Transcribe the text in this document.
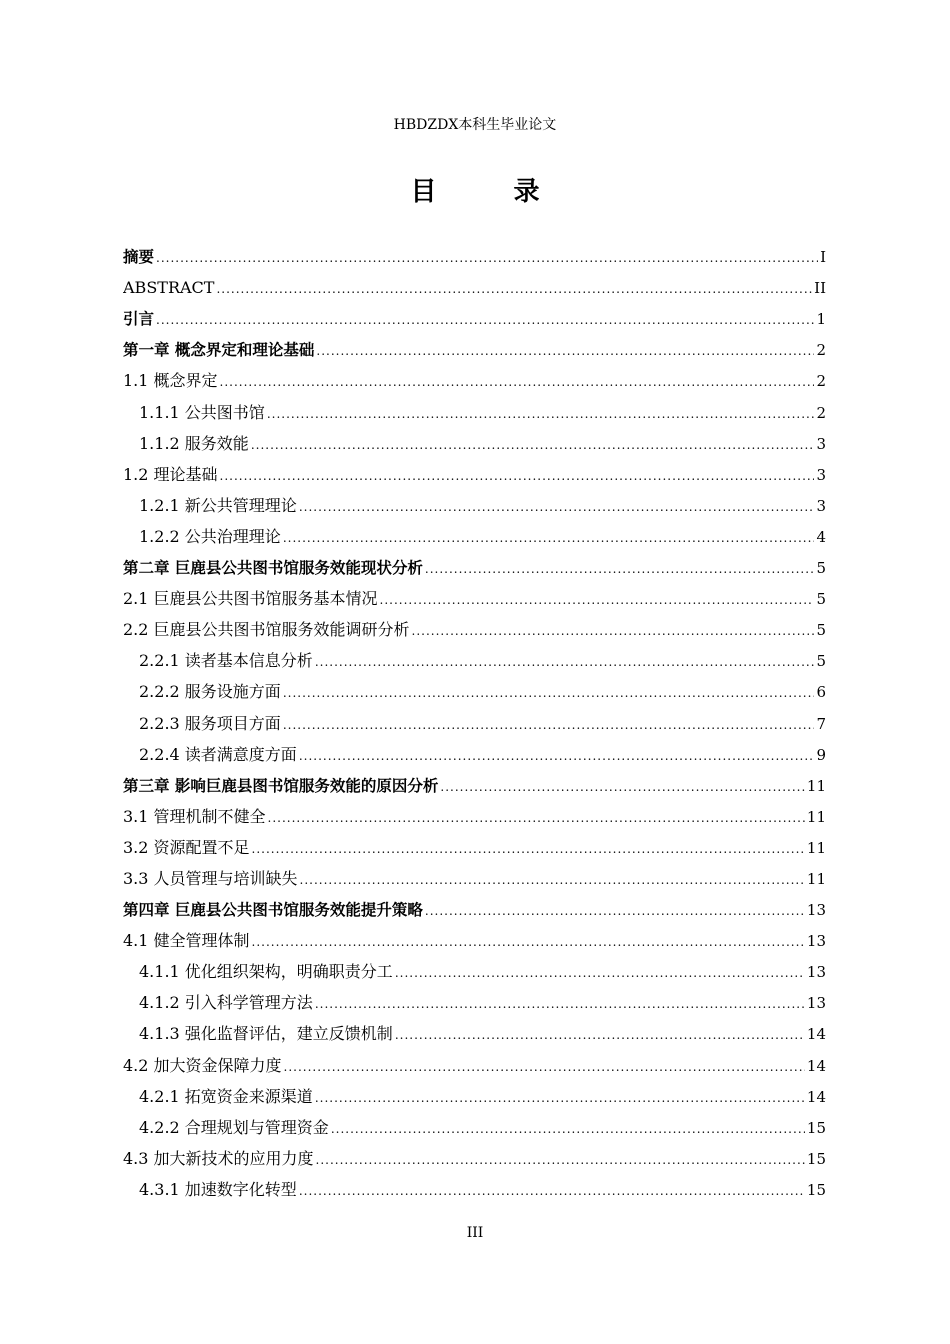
HBDZDX本科生毕业论文
目 录
摘要 .....	I
ABSTRACT .....	II
引言 .....	1
第一章 概念界定和理论基础 .....	2
1.1 概念界定 .....	2
1.1.1 公共图书馆 .....	2
1.1.2 服务效能 .....	3
1.2 理论基础 .....	3
1.2.1 新公共管理理论 .....	3
1.2.2 公共治理理论 .....	4
第二章 巨鹿县公共图书馆服务效能现状分析 .....	5
2.1 巨鹿县公共图书馆服务基本情况 .....	5
2.2 巨鹿县公共图书馆服务效能调研分析 .....	5
2.2.1 读者基本信息分析 .....	5
2.2.2 服务设施方面 .....	6
2.2.3 服务项目方面 .....	7
2.2.4 读者满意度方面 .....	9
第三章 影响巨鹿县图书馆服务效能的原因分析 .....	11
3.1 管理机制不健全 .....	11
3.2 资源配置不足 .....	11
3.3 人员管理与培训缺失 .....	11
第四章 巨鹿县公共图书馆服务效能提升策略 .....	13
4.1 健全管理体制 .....	13
4.1.1 优化组织架构，明确职责分工 .....	13
4.1.2 引入科学管理方法 .....	13
4.1.3 强化监督评估，建立反馈机制 .....	14
4.2 加大资金保障力度 .....	14
4.2.1 拓宽资金来源渠道 .....	14
4.2.2 合理规划与管理资金 .....	15
4.3 加大新技术的应用力度 .....	15
4.3.1 加速数字化转型 .....	15
III
